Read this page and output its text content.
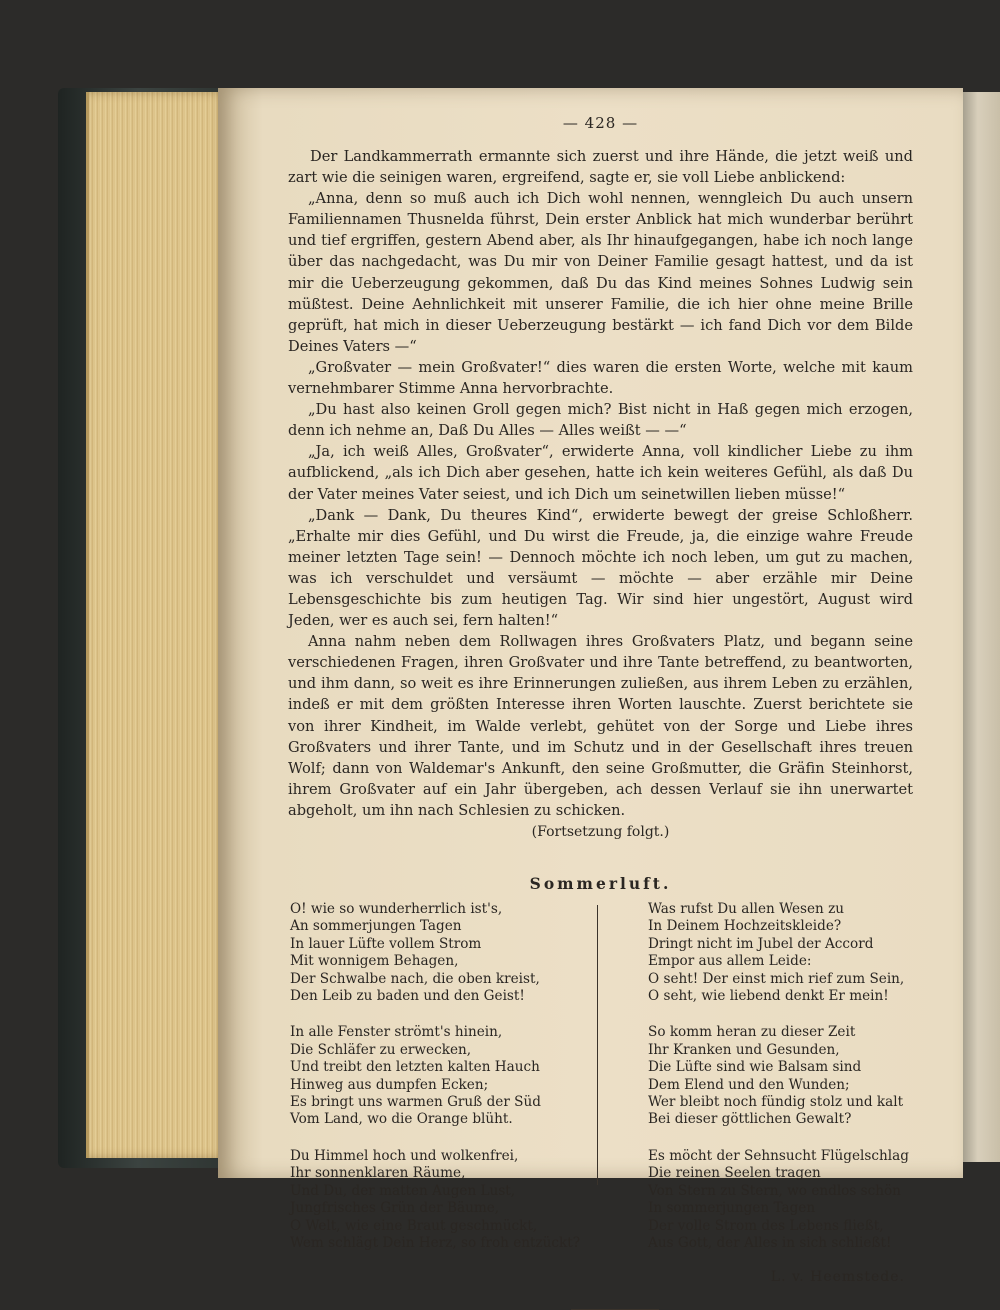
— 428 —

Der Landkammerrath ermannte sich zuerst und ihre Hände, die jetzt weiß und zart wie die seinigen waren, ergreifend, sagte er, sie voll Liebe anblickend:

„Anna, denn so muß auch ich Dich wohl nennen, wenngleich Du auch unsern Familiennamen Thusnelda führst, Dein erster Anblick hat mich wunderbar berührt und tief ergriffen, gestern Abend aber, als Ihr hinaufgegangen, habe ich noch lange über das nachgedacht, was Du mir von Deiner Familie gesagt hattest, und da ist mir die Ueberzeugung gekommen, daß Du das Kind meines Sohnes Ludwig sein müßtest. Deine Aehnlichkeit mit unserer Familie, die ich hier ohne meine Brille geprüft, hat mich in dieser Ueberzeugung bestärkt — ich fand Dich vor dem Bilde Deines Vaters —“

„Großvater — mein Großvater!“ dies waren die ersten Worte, welche mit kaum vernehmbarer Stimme Anna hervorbrachte.

„Du hast also keinen Groll gegen mich? Bist nicht in Haß gegen mich erzogen, denn ich nehme an, Daß Du Alles — Alles weißt — —“

„Ja, ich weiß Alles, Großvater“, erwiderte Anna, voll kindlicher Liebe zu ihm aufblickend, „als ich Dich aber gesehen, hatte ich kein weiteres Gefühl, als daß Du der Vater meines Vater seiest, und ich Dich um seinetwillen lieben müsse!“

„Dank — Dank, Du theures Kind“, erwiderte bewegt der greise Schloßherr. „Erhalte mir dies Gefühl, und Du wirst die Freude, ja, die einzige wahre Freude meiner letzten Tage sein! — Dennoch möchte ich noch leben, um gut zu machen, was ich verschuldet und versäumt — möchte — aber erzähle mir Deine Lebensgeschichte bis zum heutigen Tag. Wir sind hier ungestört, August wird Jeden, wer es auch sei, fern halten!“

Anna nahm neben dem Rollwagen ihres Großvaters Platz, und begann seine verschiedenen Fragen, ihren Großvater und ihre Tante betreffend, zu beantworten, und ihm dann, so weit es ihre Erinnerungen zuließen, aus ihrem Leben zu erzählen, indeß er mit dem größten Interesse ihren Worten lauschte. Zuerst berichtete sie von ihrer Kindheit, im Walde verlebt, gehütet von der Sorge und Liebe ihres Großvaters und ihrer Tante, und im Schutz und in der Gesellschaft ihres treuen Wolf; dann von Waldemar's Ankunft, den seine Großmutter, die Gräfin Steinhorst, ihrem Großvater auf ein Jahr übergeben, ach dessen Verlauf sie ihn unerwartet abgeholt, um ihn nach Schlesien zu schicken.

(Fortsetzung folgt.)
Sommerluft.
O! wie so wunderherrlich ist's,
An sommerjungen Tagen
In lauer Lüfte vollem Strom
Mit wonnigem Behagen,
Der Schwalbe nach, die oben kreist,
Den Leib zu baden und den Geist!
In alle Fenster strömt's hinein,
Die Schläfer zu erwecken,
Und treibt den letzten kalten Hauch
Hinweg aus dumpfen Ecken;
Es bringt uns warmen Gruß der Süd
Vom Land, wo die Orange blüht.
Du Himmel hoch und wolkenfrei,
Ihr sonnenklaren Räume,
Und Du, der matten Augen Lust,
Jungfrisches Grün der Bäume,
O Welt, wie eine Braut geschmückt,
Wem schlägt Dein Herz, so froh entzückt?
Was rufst Du allen Wesen zu
In Deinem Hochzeitskleide?
Dringt nicht im Jubel der Accord
Empor aus allem Leide:
O seht! Der einst mich rief zum Sein,
O seht, wie liebend denkt Er mein!
So komm heran zu dieser Zeit
Ihr Kranken und Gesunden,
Die Lüfte sind wie Balsam sind
Dem Elend und den Wunden;
Wer bleibt noch fündig stolz und kalt
Bei dieser göttlichen Gewalt?
Es möcht der Sehnsucht Flügelschlag
Die reinen Seelen tragen
Von Stern zu Stern, wo endlos schön
In sommerjungen Tagen
Der volle Strom des Lebens fließt,
Aus Gott, der Alles in sich schließt!
L. v. Heemstede.
